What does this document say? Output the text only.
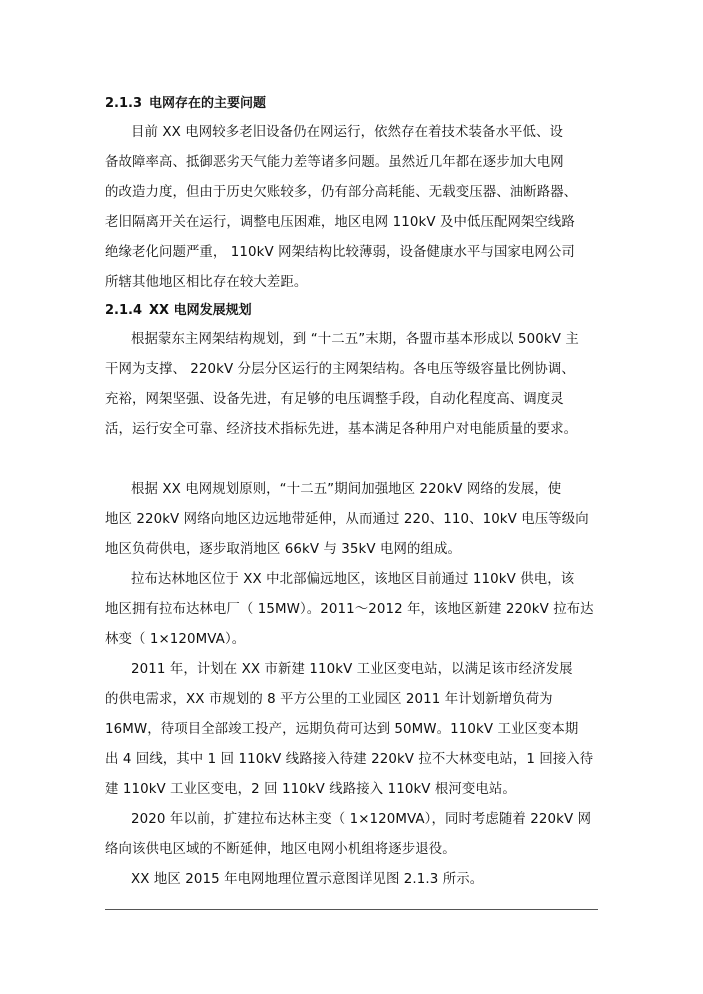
2.1.3 电网存在的主要问题
目前 XX 电网较多老旧设备仍在网运行，依然存在着技术装备水平低、设
备故障率高、抵御恶劣天气能力差等诸多问题。虽然近几年都在逐步加大电网
的改造力度，但由于历史欠账较多，仍有部分高耗能、无载变压器、油断路器、
老旧隔离开关在运行，调整电压困难，地区电网 110kV 及中低压配网架空线路
绝缘老化问题严重， 110kV 网架结构比较薄弱，设备健康水平与国家电网公司
所辖其他地区相比存在较大差距。
2.1.4 XX 电网发展规划
根据蒙东主网架结构规划，到 “十二五”末期，各盟市基本形成以 500kV 主
干网为支撑、 220kV 分层分区运行的主网架结构。各电压等级容量比例协调、
充裕，网架坚强、设备先进，有足够的电压调整手段，自动化程度高、调度灵
活，运行安全可靠、经济技术指标先进，基本满足各种用户对电能质量的要求。
根据 XX 电网规划原则，“十二五”期间加强地区 220kV 网络的发展，使
地区 220kV 网络向地区边远地带延伸，从而通过 220、110、10kV 电压等级向
地区负荷供电，逐步取消地区 66kV 与 35kV 电网的组成。
拉布达林地区位于 XX 中北部偏远地区，该地区目前通过 110kV 供电，该
地区拥有拉布达林电厂（ 15MW）。2011～2012 年，该地区新建 220kV 拉布达
林变（ 1×120MVA）。
2011 年，计划在 XX 市新建 110kV 工业区变电站，以满足该市经济发展
的供电需求，XX 市规划的 8 平方公里的工业园区 2011 年计划新增负荷为
16MW，待项目全部竣工投产，远期负荷可达到 50MW。110kV 工业区变本期
出 4 回线，其中 1 回 110kV 线路接入待建 220kV 拉不大林变电站，1 回接入待
建 110kV 工业区变电，2 回 110kV 线路接入 110kV 根河变电站。
2020 年以前，扩建拉布达林主变（ 1×120MVA），同时考虑随着 220kV 网
络向该供电区域的不断延伸，地区电网小机组将逐步退役。
XX 地区 2015 年电网地理位置示意图详见图 2.1.3 所示。
